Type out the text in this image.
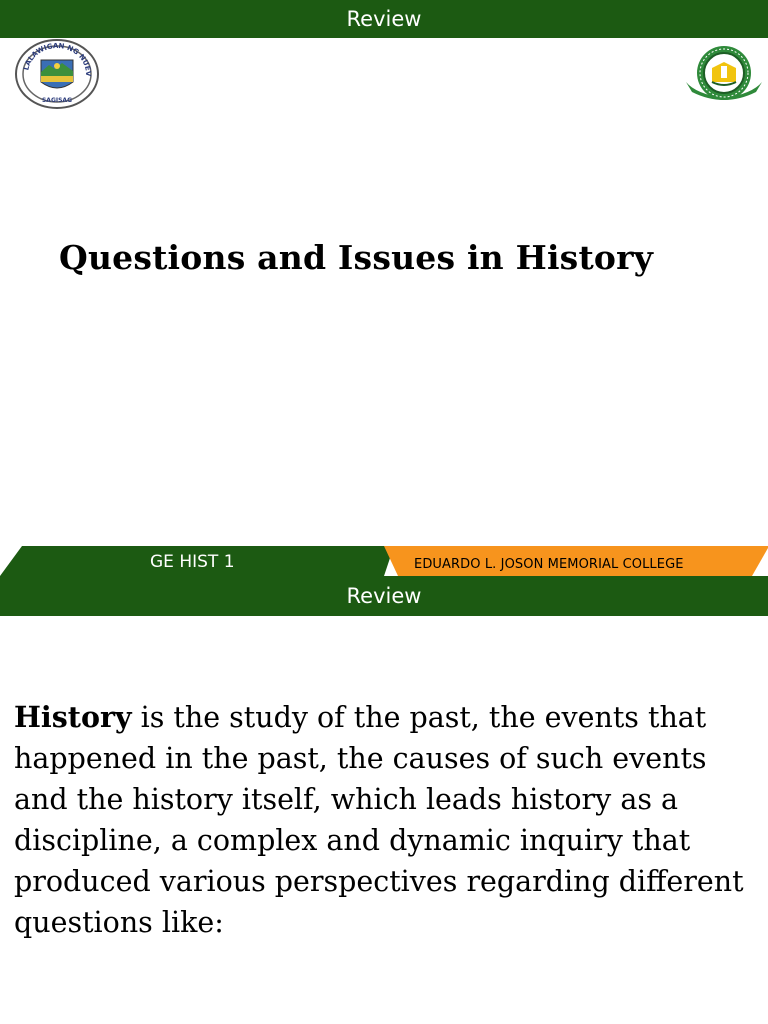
Review
LALAWIGAN NG NUEV
SAGISAG
Questions and Issues in History
GE HIST 1	EDUARDO L. JOSON MEMORIAL COLLEGE
Review

History is the study of the past, the events that happened in the past, the causes of such events and the history itself, which leads history as a discipline, a complex and dynamic inquiry that produced various perspectives regarding different questions like:
